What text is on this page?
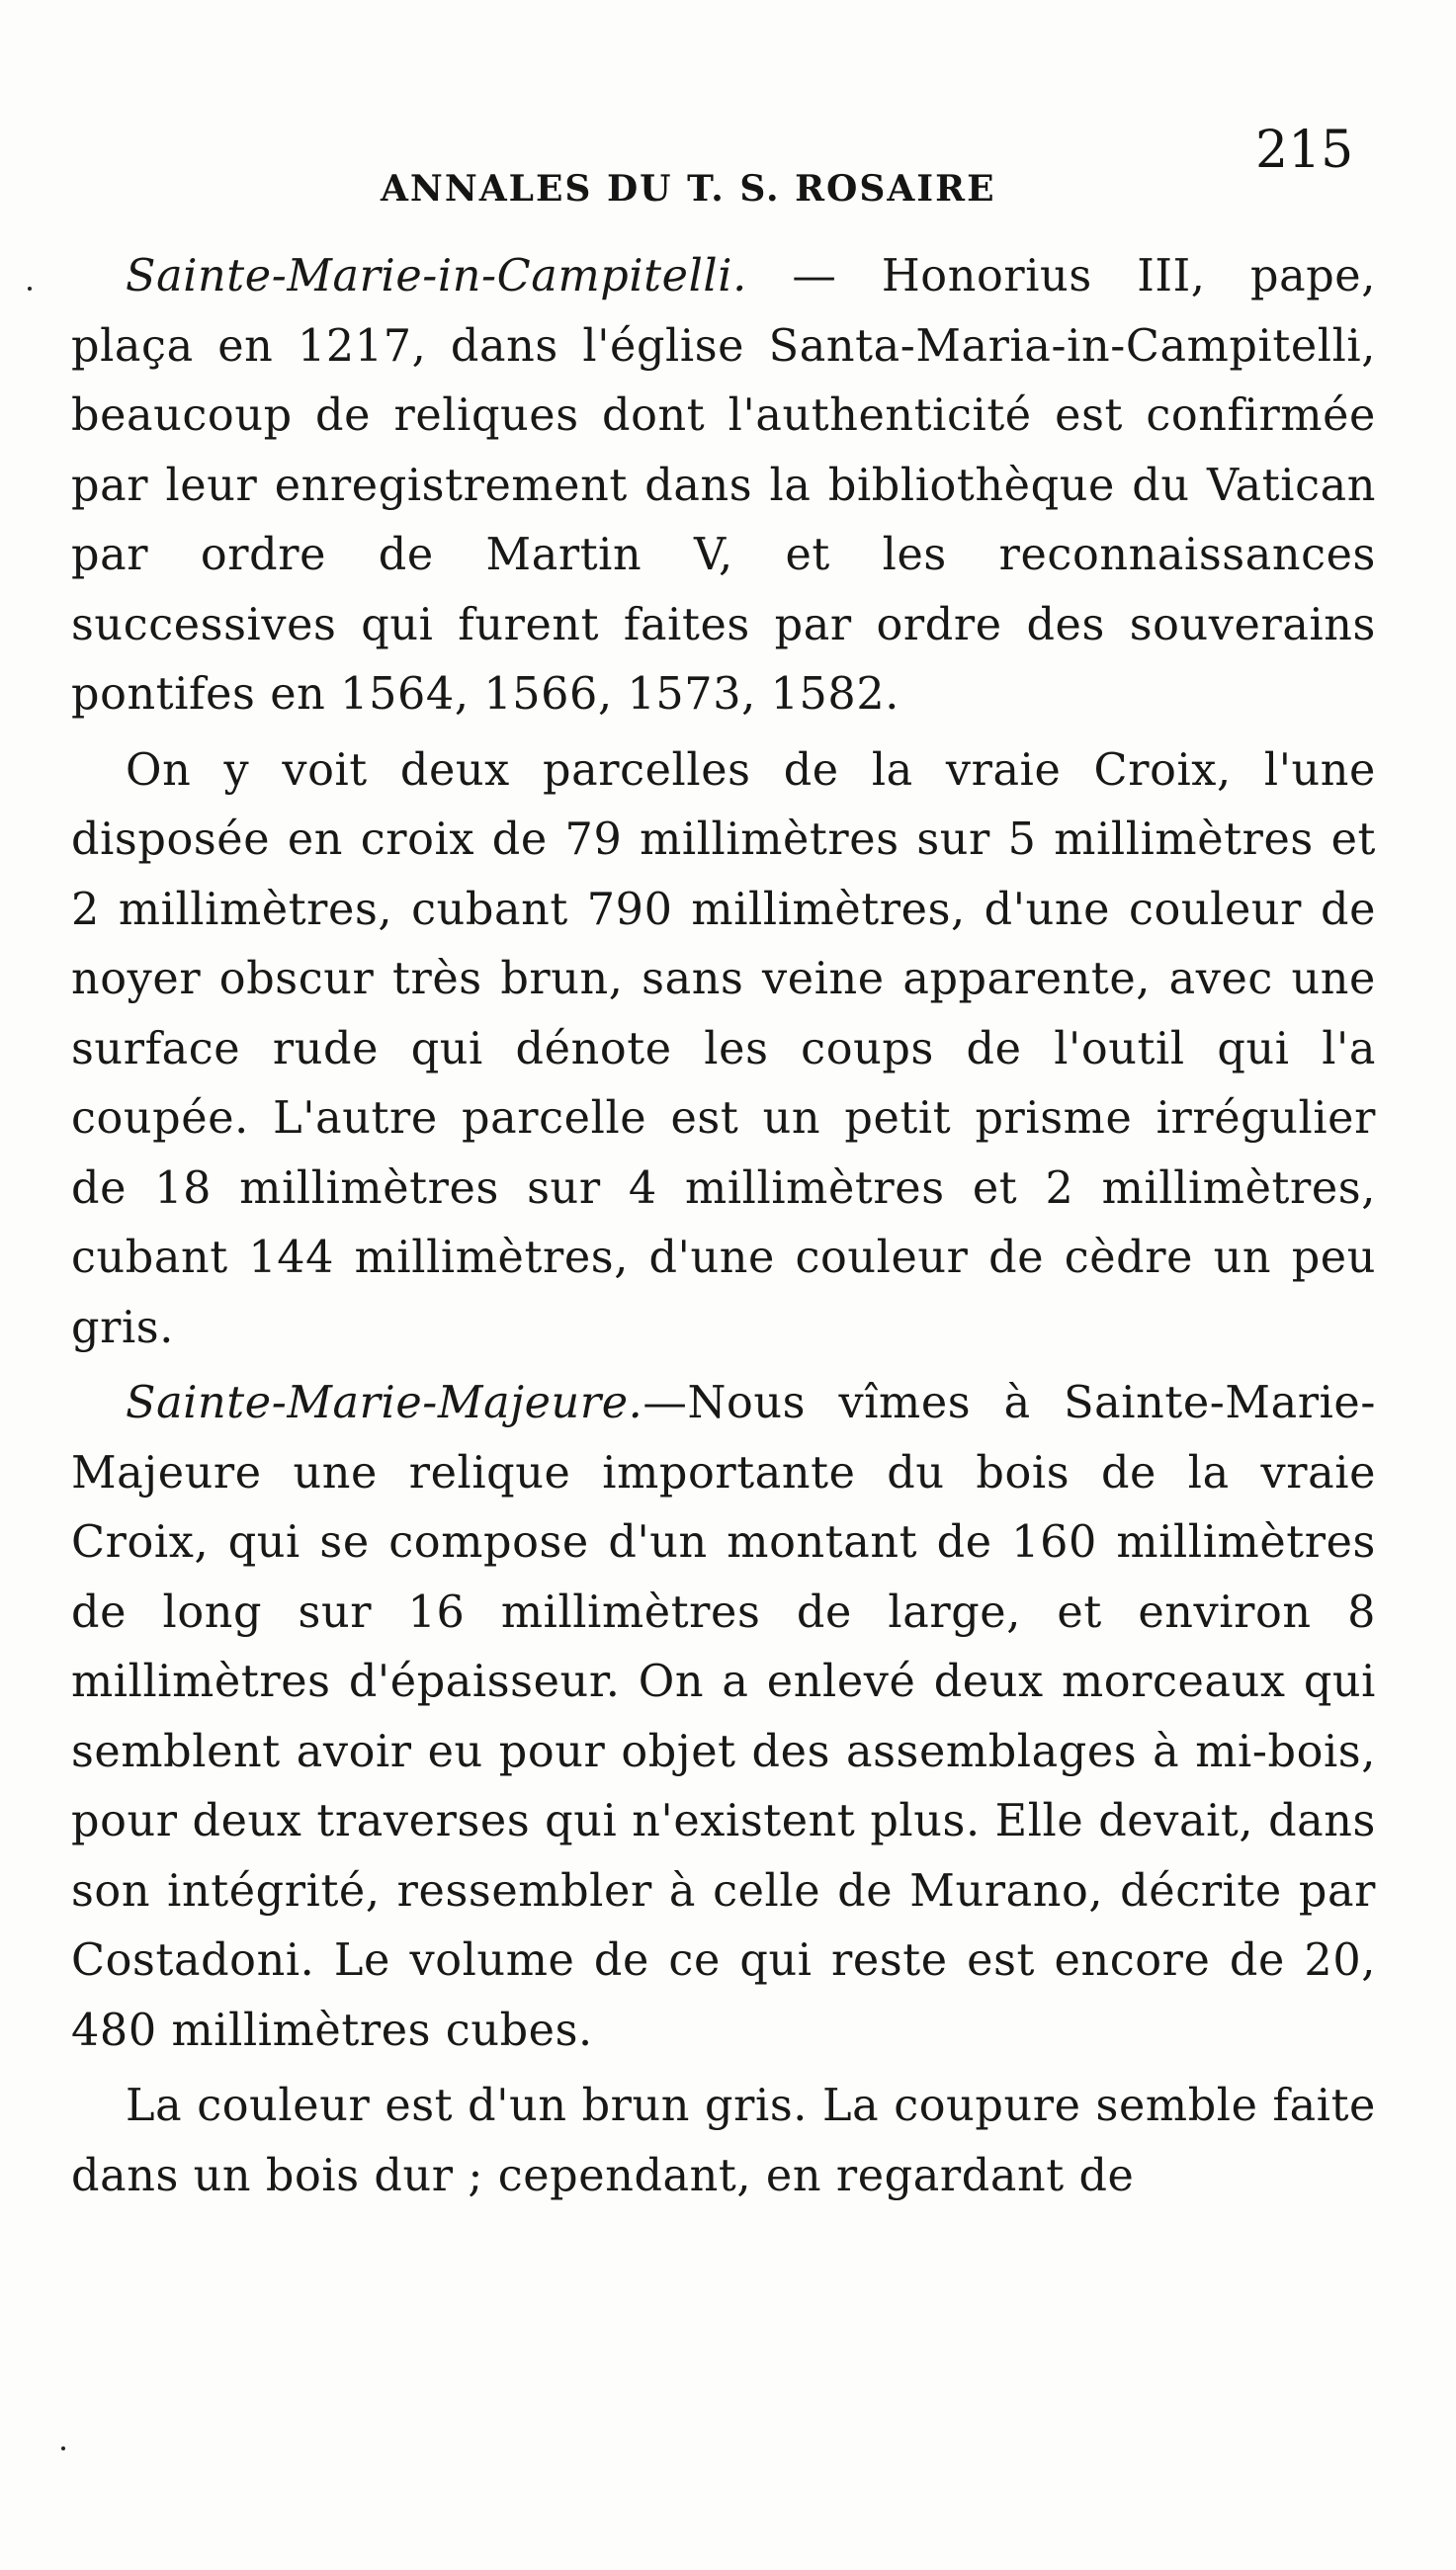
ANNALES DU T. S. ROSAIRE
215

Sainte-Marie-in-Campitelli. — Honorius III, pape, plaça en 1217, dans l'église Santa-Maria-in-Campitelli, beaucoup de reliques dont l'authenticité est confirmée par leur enregistrement dans la bibliothèque du Vatican par ordre de Martin V, et les reconnaissances successives qui furent faites par ordre des souverains pontifes en 1564, 1566, 1573, 1582.

On y voit deux parcelles de la vraie Croix, l'une disposée en croix de 79 millimètres sur 5 millimètres et 2 millimètres, cubant 790 millimètres, d'une couleur de noyer obscur très brun, sans veine apparente, avec une surface rude qui dénote les coups de l'outil qui l'a coupée. L'autre parcelle est un petit prisme irrégulier de 18 millimètres sur 4 millimètres et 2 millimètres, cubant 144 millimètres, d'une couleur de cèdre un peu gris.

Sainte-Marie-Majeure.—Nous vîmes à Sainte-Marie-Majeure une relique importante du bois de la vraie Croix, qui se compose d'un montant de 160 millimètres de long sur 16 millimètres de large, et environ 8 millimètres d'épaisseur. On a enlevé deux morceaux qui semblent avoir eu pour objet des assemblages à mi-bois, pour deux traverses qui n'existent plus. Elle devait, dans son intégrité, ressembler à celle de Murano, décrite par Costadoni. Le volume de ce qui reste est encore de 20, 480 millimètres cubes.

La couleur est d'un brun gris. La coupure semble faite dans un bois dur ; cependant, en regardant de
